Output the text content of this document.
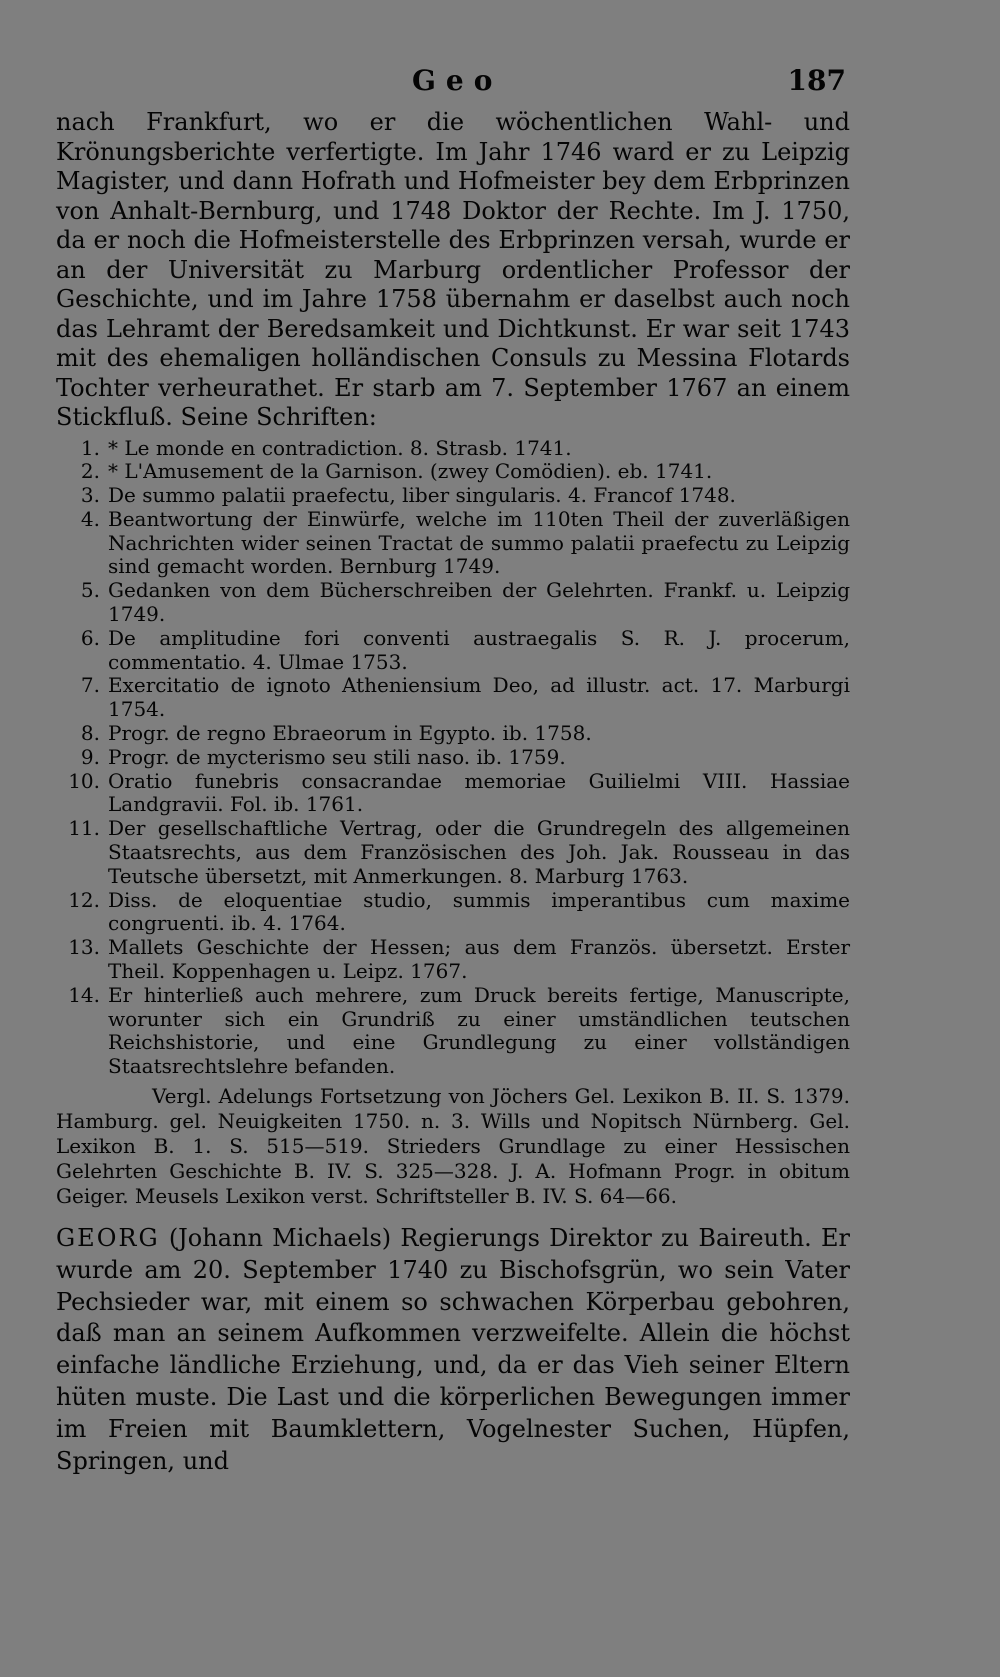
Geo	187

nach Frankfurt, wo er die wöchentlichen Wahl- und Krönungsberichte verfertigte. Im Jahr 1746 ward er zu Leipzig Magister, und dann Hofrath und Hofmeister bey dem Erbprinzen von Anhalt-Bernburg, und 1748 Doktor der Rechte. Im J. 1750, da er noch die Hofmeisterstelle des Erbprinzen versah, wurde er an der Universität zu Marburg ordentlicher Professor der Geschichte, und im Jahre 1758 übernahm er daselbst auch noch das Lehramt der Beredsamkeit und Dichtkunst. Er war seit 1743 mit des ehemaligen holländischen Consuls zu Messina Flotards Tochter verheurathet. Er starb am 7. September 1767 an einem Stickfluß. Seine Schriften:

1. * Le monde en contradiction. 8. Strasb. 1741.
2. * L'Amusement de la Garnison. (zwey Comödien). eb. 1741.
3. De summo palatii praefectu, liber singularis. 4. Francof 1748.
4. Beantwortung der Einwürfe, welche im 110ten Theil der zuverläßigen Nachrichten wider seinen Tractat de summo palatii praefectu zu Leipzig sind gemacht worden. Bernburg 1749.
5. Gedanken von dem Bücherschreiben der Gelehrten. Frankf. u. Leipzig 1749.
6. De amplitudine fori conventi austraegalis S. R. J. procerum, commentatio. 4. Ulmae 1753.
7. Exercitatio de ignoto Atheniensium Deo, ad illustr. act. 17. Marburgi 1754.
8. Progr. de regno Ebraeorum in Egypto. ib. 1758.
9. Progr. de mycterismo seu stili naso. ib. 1759.
10. Oratio funebris consacrandae memoriae Guilielmi VIII. Hassiae Landgravii. Fol. ib. 1761.
11. Der gesellschaftliche Vertrag, oder die Grundregeln des allgemeinen Staatsrechts, aus dem Französischen des Joh. Jak. Rousseau in das Teutsche übersetzt, mit Anmerkungen. 8. Marburg 1763.
12. Diss. de eloquentiae studio, summis imperantibus cum maxime congruenti. ib. 4. 1764.
13. Mallets Geschichte der Hessen; aus dem Französ. übersetzt. Erster Theil. Koppenhagen u. Leipz. 1767.
14. Er hinterließ auch mehrere, zum Druck bereits fertige, Manuscripte, worunter sich ein Grundriß zu einer umständlichen teutschen Reichshistorie, und eine Grundlegung zu einer vollständigen Staatsrechtslehre befanden.

Vergl. Adelungs Fortsetzung von Jöchers Gel. Lexikon B. II. S. 1379. Hamburg. gel. Neuigkeiten 1750. n. 3. Wills und Nopitsch Nürnberg. Gel. Lexikon B. 1. S. 515—519. Strieders Grundlage zu einer Hessischen Gelehrten Geschichte B. IV. S. 325—328. J. A. Hofmann Progr. in obitum Geiger. Meusels Lexikon verst. Schriftsteller B. IV. S. 64—66.

GEORG (Johann Michaels) Regierungs Direktor zu Baireuth. Er wurde am 20. September 1740 zu Bischofsgrün, wo sein Vater Pechsieder war, mit einem so schwachen Körperbau gebohren, daß man an seinem Aufkommen verzweifelte. Allein die höchst einfache ländliche Erziehung, und, da er das Vieh seiner Eltern hüten muste. Die Last und die körperlichen Bewegungen immer im Freien mit Baumklettern, Vogelnester Suchen, Hüpfen, Springen, und
